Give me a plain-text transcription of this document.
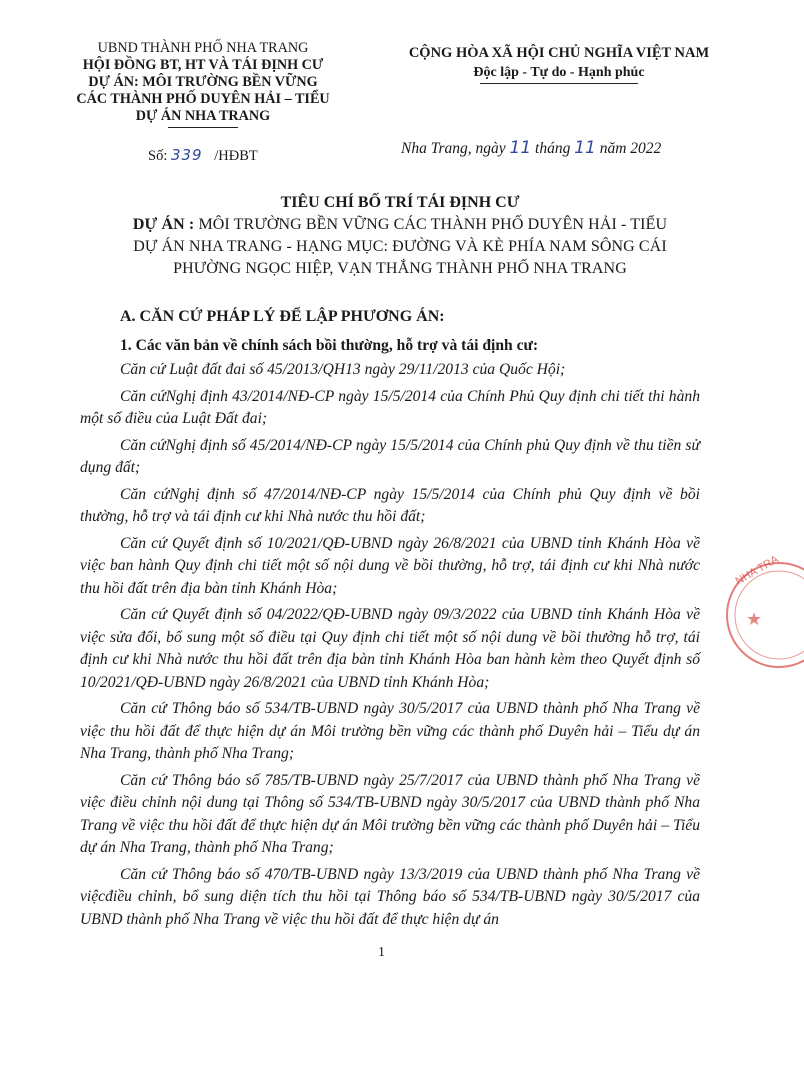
UBND THÀNH PHỐ NHA TRANG
HỘI ĐỒNG BT, HT VÀ TÁI ĐỊNH CƯ
DỰ ÁN: MÔI TRƯỜNG BỀN VỮNG
CÁC THÀNH PHỐ DUYÊN HẢI – TIỂU
DỰ ÁN NHA TRANG
CỘNG HÒA XÃ HỘI CHỦ NGHĨA VIỆT NAM
Độc lập - Tự do - Hạnh phúc
Số: 339 /HĐBT	Nha Trang, ngày 11 tháng 11 năm 2022
TIÊU CHÍ BỐ TRÍ TÁI ĐỊNH CƯ
DỰ ÁN : MÔI TRƯỜNG BỀN VỮNG CÁC THÀNH PHỐ DUYÊN HẢI - TIỂU
DỰ ÁN NHA TRANG - HẠNG MỤC: ĐƯỜNG VÀ KÈ PHÍA NAM SÔNG CÁI
PHƯỜNG NGỌC HIỆP, VẠN THẮNG THÀNH PHỐ NHA TRANG
A. CĂN CỨ PHÁP LÝ ĐỂ LẬP PHƯƠNG ÁN:
1. Các văn bản về chính sách bồi thường, hỗ trợ và tái định cư:
Căn cứ Luật đất đai số 45/2013/QH13 ngày 29/11/2013 của Quốc Hội;
Căn cứNghị định 43/2014/NĐ-CP ngày 15/5/2014 của Chính Phủ Quy định chi tiết thi hành một số điều của Luật Đất đai;
Căn cứNghị định số 45/2014/NĐ-CP ngày 15/5/2014 của Chính phủ Quy định về thu tiền sử dụng đất;
Căn cứNghị định số 47/2014/NĐ-CP ngày 15/5/2014 của Chính phủ Quy định về bồi thường, hỗ trợ và tái định cư khi Nhà nước thu hồi đất;
Căn cứ Quyết định số 10/2021/QĐ-UBND ngày 26/8/2021 của UBND tỉnh Khánh Hòa về việc ban hành Quy định chi tiết một số nội dung về bồi thường, hỗ trợ, tái định cư khi Nhà nước thu hồi đất trên địa bàn tỉnh Khánh Hòa;
Căn cứ Quyết định số 04/2022/QĐ-UBND ngày 09/3/2022 của UBND tỉnh Khánh Hòa về việc sửa đổi, bổ sung một số điều tại Quy định chi tiết một số nội dung về bồi thường hỗ trợ, tái định cư khi Nhà nước thu hồi đất trên địa bàn tỉnh Khánh Hòa ban hành kèm theo Quyết định số 10/2021/QĐ-UBND ngày 26/8/2021 của UBND tỉnh Khánh Hòa;
Căn cứ Thông báo số 534/TB-UBND ngày 30/5/2017 của UBND thành phố Nha Trang về việc thu hồi đất để thực hiện dự án Môi trường bền vững các thành phố Duyên hải – Tiểu dự án Nha Trang, thành phố Nha Trang;
Căn cứ Thông báo số 785/TB-UBND ngày 25/7/2017 của UBND thành phố Nha Trang về việc điều chỉnh nội dung tại Thông số 534/TB-UBND ngày 30/5/2017 của UBND thành phố Nha Trang về việc thu hồi đất để thực hiện dự án Môi trường bền vững các thành phố Duyên hải – Tiểu dự án Nha Trang, thành phố Nha Trang;
Căn cứ Thông báo số 470/TB-UBND ngày 13/3/2019 của UBND thành phố Nha Trang về việcđiều chỉnh, bổ sung diện tích thu hồi tại Thông báo số 534/TB-UBND ngày 30/5/2017 của UBND thành phố Nha Trang về việc thu hồi đất để thực hiện dự án
1
NHA TRA
★
